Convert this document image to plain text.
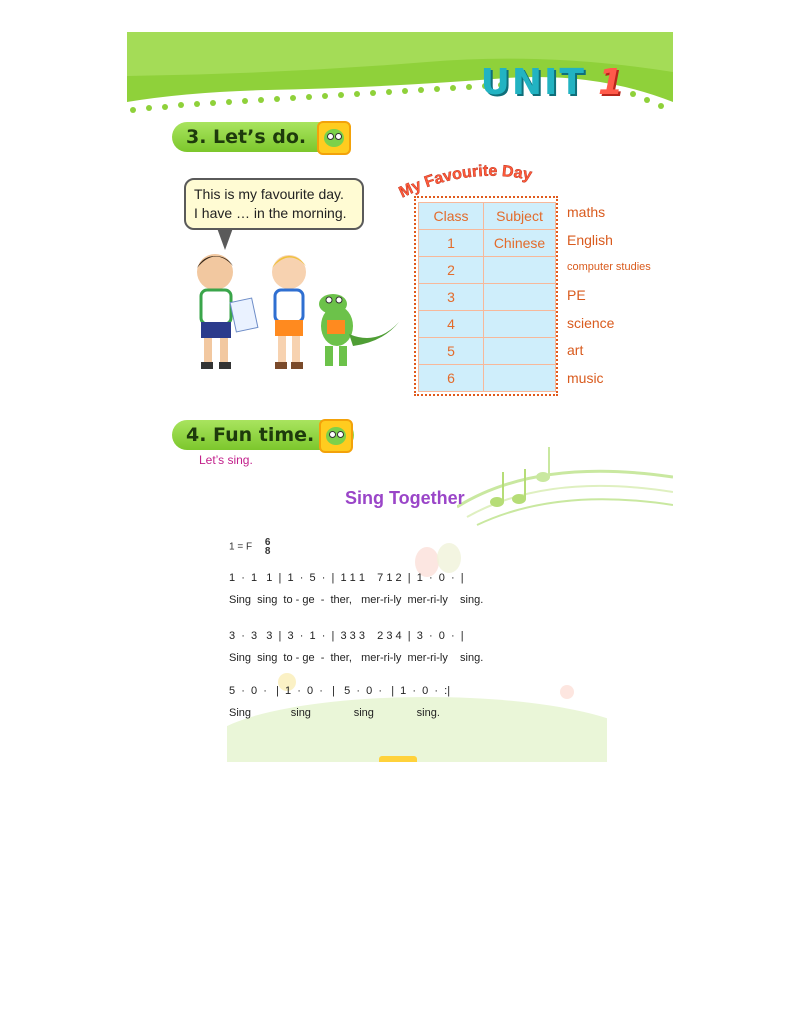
UNIT 1
3. Let’s do.
This is my favourite day.
I have … in the morning.
My Favourite Day
Class	Subject
1	Chinese
2	
3	
4	
5	
6	
maths
English
computer studies
PE
science
art
music
4. Fun time.
Let’s sing.
Sing Together
1 = F 6
8
1  ·  1   1  |  1  ·  5  ·  |  1 1 1    7 1 2  |  1  ·  0  ·  |
Sing  sing  to - ge  -  ther,   mer-ri-ly  mer-ri-ly    sing.
3  ·  3   3  |  3  ·  1  ·  |  3 3 3    2 3 4  |  3  ·  0  ·  |
Sing  sing  to - ge  -  ther,   mer-ri-ly  mer-ri-ly    sing.
5  ·  0  ·   |  1  ·  0  ·   |   5  ·  0  ·   |  1  ·  0  ·  :|
Sing             sing              sing              sing.
